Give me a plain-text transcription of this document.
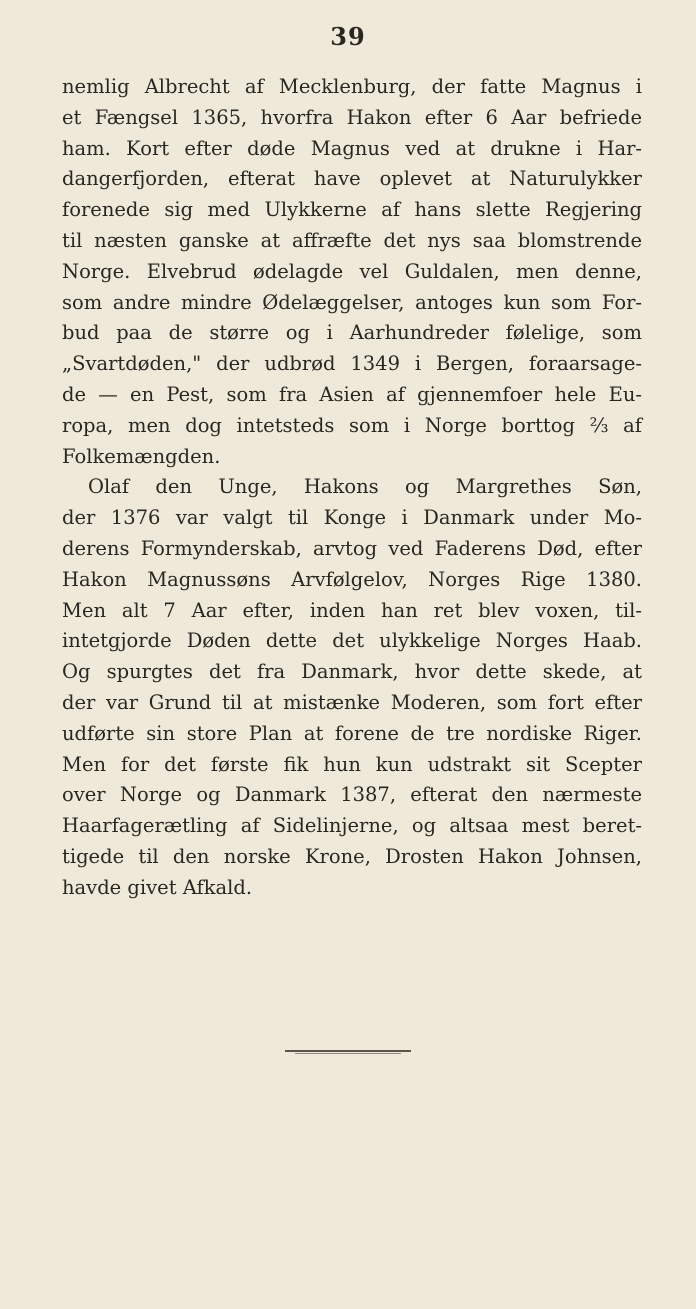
39
nemlig Albrecht af Mecklenburg, der fatte Magnus i
et Fængsel 1365, hvorfra Hakon efter 6 Aar befriede
ham. Kort efter døde Magnus ved at drukne i Har-
dangerfjorden, efterat have oplevet at Naturulykker
forenede sig med Ulykkerne af hans slette Regjering
til næsten ganske at affræfte det nys saa blomstrende
Norge. Elvebrud ødelagde vel Guldalen, men denne,
som andre mindre Ødelæggelser, antoges kun som For-
bud paa de større og i Aarhundreder følelige, som
„Svartdøden," der udbrød 1349 i Bergen, foraarsage-
de — en Pest, som fra Asien af gjennemfoer hele Eu-
ropa, men dog intetsteds som i Norge borttog ⅔ af
Folkemængden.
Olaf den Unge, Hakons og Margrethes Søn,
der 1376 var valgt til Konge i Danmark under Mo-
derens Formynderskab, arvtog ved Faderens Død, efter
Hakon Magnussøns Arvfølgelov, Norges Rige 1380.
Men alt 7 Aar efter, inden han ret blev voxen, til-
intetgjorde Døden dette det ulykkelige Norges Haab.
Og spurgtes det fra Danmark, hvor dette skede, at
der var Grund til at mistænke Moderen, som fort efter
udførte sin store Plan at forene de tre nordiske Riger.
Men for det første fik hun kun udstrakt sit Scepter
over Norge og Danmark 1387, efterat den nærmeste
Haarfagerætling af Sidelinjerne, og altsaa mest beret-
tigede til den norske Krone, Drosten Hakon Johnsen,
havde givet Afkald.
